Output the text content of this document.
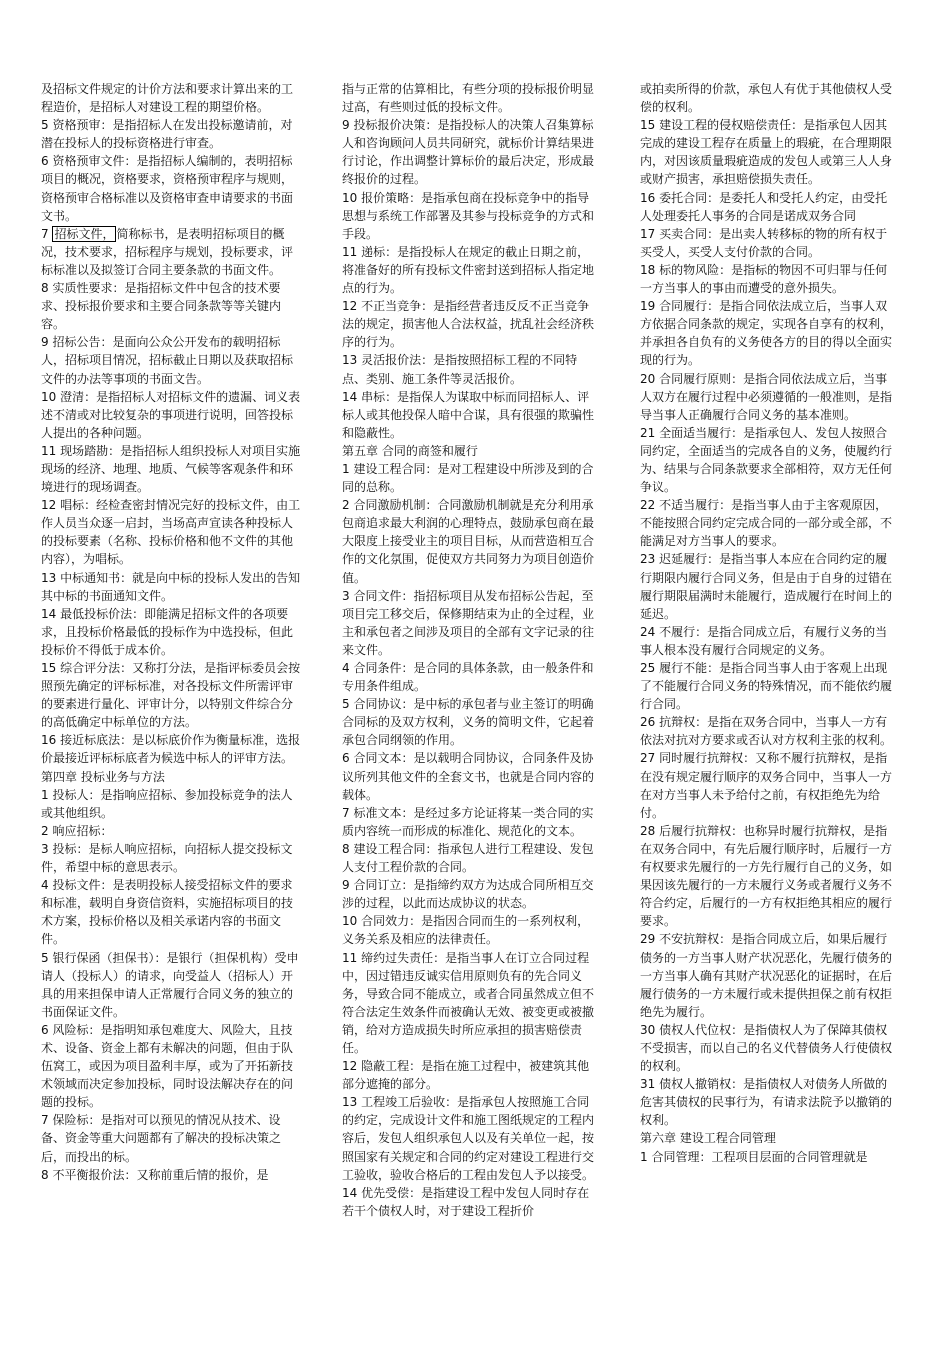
及招标文件规定的计价方法和要求计算出来的工程造价，是招标人对建设工程的期望价格。
5 资格预审：是指招标人在发出投标邀请前，对潜在投标人的投标资格进行审查。
6 资格预审文件：是指招标人编制的，表明招标项目的概况，资格要求，资格预审程序与规则，资格预审合格标准以及资格审查申请要求的书面文书。
7 招标文件， 简称标书，是表明招标项目的概况，技术要求，招标程序与规划，投标要求，评标标准以及拟签订合同主要条款的书面文件。
8 实质性要求：是指招标文件中包含的技术要求、投标报价要求和主要合同条款等等关键内容。
9 招标公告：是面向公众公开发布的载明招标人，招标项目情况，招标截止日期以及获取招标文件的办法等事项的书面文告。
10 澄清：是指招标人对招标文件的遗漏、词义表述不清或对比较复杂的事项进行说明，回答投标人提出的各种问题。
11 现场踏勘：是指招标人组织投标人对项目实施现场的经济、地理、地质、气候等客观条件和环境进行的现场调查。
12 唱标：经检查密封情况完好的投标文件，由工作人员当众逐一启封，当场高声宣读各种投标人的投标要素（名称、投标价格和他不文件的其他内容），为唱标。
13 中标通知书：就是向中标的投标人发出的告知其中标的书面通知文件。
14 最低投标价法：即能满足招标文件的各项要求，且投标价格最低的投标作为中选投标，但此投标价不得低于成本价。
15 综合评分法：又称打分法，是指评标委员会按照预先确定的评标标准，对各投标文件所需评审的要素进行量化、评审计分，以特别文件综合分的高低确定中标单位的方法。
16 接近标底法：是以标底价作为衡量标准，选报价最接近评标标底者为候选中标人的评审方法。
第四章 投标业务与方法
1 投标人：是指响应招标、参加投标竞争的法人或其他组织。
2 响应招标：
3 投标：是标人响应招标，向招标人提交投标文件，希望中标的意思表示。
4 投标文件：是表明投标人接受招标文件的要求和标准，载明自身资信资料，实施招标项目的技术方案，投标价格以及相关承诺内容的书面文件。
5 银行保函（担保书）：是银行（担保机构）受申请人（投标人）的请求，向受益人（招标人）开具的用来担保申请人正常履行合同义务的独立的书面保证文件。
6 风险标：是指明知承包难度大、风险大，且技术、设备、资金上都有未解决的问题，但由于队伍窝工，或因为项目盈利丰厚，或为了开拓新技术领域而决定参加投标，同时设法解决存在的问题的投标。
7 保险标：是指对可以预见的情况从技术、设备、资金等重大问题都有了解决的投标决策之后，而投出的标。
8 不平衡报价法：又称前重后情的报价，是
指与正常的估算相比，有些分项的投标报价明显过高，有些则过低的投标文件。
9 投标报价决策：是指投标人的决策人召集算标人和咨询顾问人员共同研究，就标价计算结果进行讨论，作出调整计算标价的最后决定，形成最终报价的过程。
10 报价策略：是指承包商在投标竞争中的指导思想与系统工作部署及其参与投标竞争的方式和手段。
11 递标：是指投标人在规定的截止日期之前，将准备好的所有投标文件密封送到招标人指定地点的行为。
12 不正当竞争：是指经营者违反反不正当竞争法的规定，损害他人合法权益，扰乱社会经济秩序的行为。
13 灵活报价法：是指按照招标工程的不同特点、类别、施工条件等灵活报价。
14 串标：是指保人为谋取中标而同招标人、评标人或其他投保人暗中合谋，具有很强的欺骗性和隐蔽性。
第五章 合同的商签和履行
1 建设工程合同：是对工程建设中所涉及到的合同的总称。
2 合同激励机制：合同激励机制就是充分利用承包商追求最大利润的心理特点，鼓励承包商在最大限度上接受业主的项目目标，从而营造相互合作的文化氛围，促使双方共同努力为项目创造价值。
3 合同文件：指招标项目从发布招标公告起，至项目完工移交后，保修期结束为止的全过程，业主和承包者之间涉及项目的全部有文字记录的往来文件。
4 合同条件：是合同的具体条款，由一般条件和专用条件组成。
5 合同协议：是中标的承包者与业主签订的明确合同标的及双方权利，义务的简明文件，它起着承包合同纲领的作用。
6 合同文本：是以载明合同协议，合同条件及协议所列其他文件的全套文书，也就是合同内容的载体。
7 标准文本：是经过多方论证将某一类合同的实质内容统一而形成的标准化、规范化的文本。
8 建设工程合同：指承包人进行工程建设、发包人支付工程价款的合同。
9 合同订立：是指缔约双方为达成合同所相互交涉的过程，以此而达成协议的状态。
10 合同效力：是指因合同而生的一系列权利，义务关系及相应的法律责任。
11 缔约过失责任：是指当事人在订立合同过程中，因过错违反诚实信用原则负有的先合同义务，导致合同不能成立，或者合同虽然成立但不符合法定生效条件而被确认无效、被变更或被撤销，给对方造成损失时所应承担的损害赔偿责任。
12 隐蔽工程：是指在施工过程中，被建筑其他部分遮掩的部分。
13 工程竣工后验收：是指承包人按照施工合同的约定，完成设计文件和施工图纸规定的工程内容后，发包人组织承包人以及有关单位一起，按照国家有关规定和合同的约定对建设工程进行交工验收，验收合格后的工程由发包人予以接受。
14 优先受偿：是指建设工程中发包人同时存在若干个债权人时，对于建设工程折价
或拍卖所得的价款，承包人有优于其他债权人受偿的权利。
15 建设工程的侵权赔偿责任：是指承包人因其完成的建设工程存在质量上的瑕疵，在合理期限内，对因该质量瑕疵造成的发包人或第三人人身或财产损害，承担赔偿损失责任。
16 委托合同：是委托人和受托人约定，由受托人处理委托人事务的合同是诺成双务合同
17 买卖合同：是出卖人转移标的物的所有权于买受人，买受人支付价款的合同。
18 标的物风险：是指标的物因不可归罪与任何一方当事人的事由而遭受的意外损失。
19 合同履行：是指合同依法成立后，当事人双方依据合同条款的规定，实现各自享有的权利，并承担各自负有的义务使各方的目的得以全面实现的行为。
20 合同履行原则：是指合同依法成立后，当事人双方在履行过程中必须遵循的一般准则，是指导当事人正确履行合同义务的基本准则。
21 全面适当履行：是指承包人、发包人按照合同约定，全面适当的完成各自的义务，使履约行为、结果与合同条款要求全部相符，双方无任何争议。
22 不适当履行：是指当事人由于主客观原因，不能按照合同约定完成合同的一部分或全部，不能满足对方当事人的要求。
23 迟延履行：是指当事人本应在合同约定的履行期限内履行合同义务，但是由于自身的过错在履行期限届满时未能履行，造成履行在时间上的延迟。
24 不履行：是指合同成立后，有履行义务的当事人根本没有履行合同规定的义务。
25 履行不能：是指合同当事人由于客观上出现了不能履行合同义务的特殊情况，而不能依约履行合同。
26 抗辩权：是指在双务合同中，当事人一方有依法对抗对方要求或否认对方权利主张的权利。
27 同时履行抗辩权：又称不履行抗辩权，是指在没有规定履行顺序的双务合同中，当事人一方在对方当事人未予给付之前，有权拒绝先为给付。
28 后履行抗辩权：也称异时履行抗辩权，是指在双务合同中，有先后履行顺序时，后履行一方有权要求先履行的一方先行履行自己的义务，如果因该先履行的一方未履行义务或者履行义务不符合约定，后履行的一方有权拒绝其相应的履行要求。
29 不安抗辩权：是指合同成立后，如果后履行债务的一方当事人财产状况恶化，先履行债务的一方当事人确有其财产状况恶化的证据时，在后履行债务的一方未履行或未提供担保之前有权拒绝先为履行。
30 债权人代位权：是指债权人为了保障其债权不受损害，而以自己的名义代替债务人行使债权的权利。
31 债权人撤销权：是指债权人对债务人所做的危害其债权的民事行为，有请求法院予以撤销的权利。
第六章 建设工程合同管理
1 合同管理：工程项目层面的合同管理就是
